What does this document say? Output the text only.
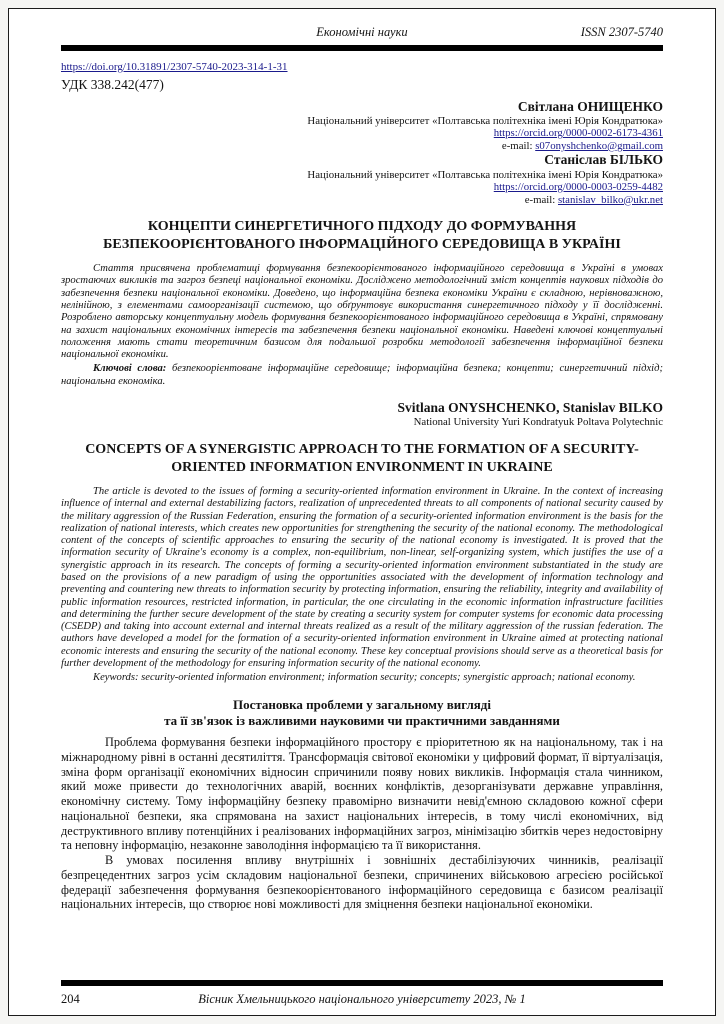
Економічні науки	ISSN 2307-5740

https://doi.org/10.31891/2307-5740-2023-314-1-31

УДК 338.242(477)

Світлана ОНИЩЕНКО
Національний університет «Полтавська політехніка імені Юрія Кондратюка»
https://orcid.org/0000-0002-6173-4361
e-mail: s07onyshchenko@gmail.com
Станіслав БІЛЬКО
Національний університет «Полтавська політехніка імені Юрія Кондратюка»
https://orcid.org/0000-0003-0259-4482
e-mail: stanislav_bilko@ukr.net
КОНЦЕПТИ СИНЕРГЕТИЧНОГО ПІДХОДУ ДО ФОРМУВАННЯ БЕЗПЕКООРІЄНТОВАНОГО ІНФОРМАЦІЙНОГО СЕРЕДОВИЩА В УКРАЇНІ

Стаття присвячена проблематиці формування безпекоорієнтованого інформаційного середовища в Україні в умовах зростаючих викликів та загроз безпеці національної економіки. Досліджено методологічний зміст концептів наукових підходів до забезпечення безпеки національної економіки. Доведено, що інформаційна безпека економіки України є складною, нерівноважною, нелінійною, з елементами самоорганізації системою, що обґрунтовує використання синергетичного підходу у її дослідженні. Розроблено авторську концептуальну модель формування безпекоорієнтованого інформаційного середовища в Україні, спрямовану на захист національних економічних інтересів та забезпечення безпеки національної економіки. Наведені ключові концептуальні положення мають стати теоретичним базисом для подальшої розробки методології забезпечення інформаційної безпеки національної економіки.

Ключові слова: безпекоорієнтоване інформаційне середовище; інформаційна безпека; концепти; синергетичний підхід; національна економіка.

Svitlana ONYSHCHENKO, Stanislav BILKO
National University Yuri Kondratyuk Poltava Polytechnic
CONCEPTS OF A SYNERGISTIC APPROACH TO THE FORMATION OF A SECURITY-ORIENTED INFORMATION ENVIRONMENT IN UKRAINE

The article is devoted to the issues of forming a security-oriented information environment in Ukraine. In the context of increasing influence of internal and external destabilizing factors, realization of unprecedented threats to all components of national security caused by the military aggression of the Russian Federation, ensuring the formation of a security-oriented information environment is the basis for the realization of national interests, which creates new opportunities for strengthening the security of the national economy. The methodological content of the concepts of scientific approaches to ensuring the security of the national economy is investigated. It is proved that the information security of Ukraine's economy is a complex, non-equilibrium, non-linear, self-organizing system, which justifies the use of a synergistic approach in its research. The concepts of forming a security-oriented information environment substantiated in the study are based on the provisions of a new paradigm of using the opportunities associated with the development of information technology and preventing and countering new threats to information security by protecting information, ensuring the reliability, integrity and availability of public information resources, restricted information, in particular, the one circulating in the economic information infrastructure facilities and determining the further secure development of the state by creating a security system for computer systems for economic data processing (CSEDP) and taking into account external and internal threats realized as a result of the military aggression of the russian federation. The authors have developed a model for the formation of a security-oriented information environment in Ukraine aimed at protecting national economic interests and ensuring the security of the national economy. These key conceptual provisions should serve as a theoretical basis for further development of the methodology for ensuring information security of the national economy.

Keywords: security-oriented information environment; information security; concepts; synergistic approach; national economy.

Постановка проблеми у загальному вигляді
та її зв'язок із важливими науковими чи практичними завданнями

Проблема формування безпеки інформаційного простору є пріоритетною як на національному, так і на міжнародному рівні в останні десятиліття. Трансформація світової економіки у цифровий формат, її віртуалізація, зміна форм організації економічних відносин спричинили появу нових викликів. Інформація стала чинником, який може привести до технологічних аварій, воєнних конфліктів, дезорганізувати державне управління, економічну систему. Тому інформаційну безпеку правомірно визначити невід'ємною складовою кожної сфери національної безпеки, яка спрямована на захист національних інтересів, в тому числі економічних, від деструктивного впливу потенційних і реалізованих інформаційних загроз, мінімізацію збитків через недостовірну та неповну інформацію, незаконне заволодіння інформацією та її використання.

В умовах посилення впливу внутрішніх і зовнішніх дестабілізуючих чинників, реалізації безпрецедентних загроз усім складовим національної безпеки, спричинених військовою агресією російської федерації забезпечення формування безпекоорієнтованого інформаційного середовища є базисом реалізації національних інтересів, що створює нові можливості для зміцнення безпеки національної економіки.

204	Вісник Хмельницького національного університету 2023, № 1
